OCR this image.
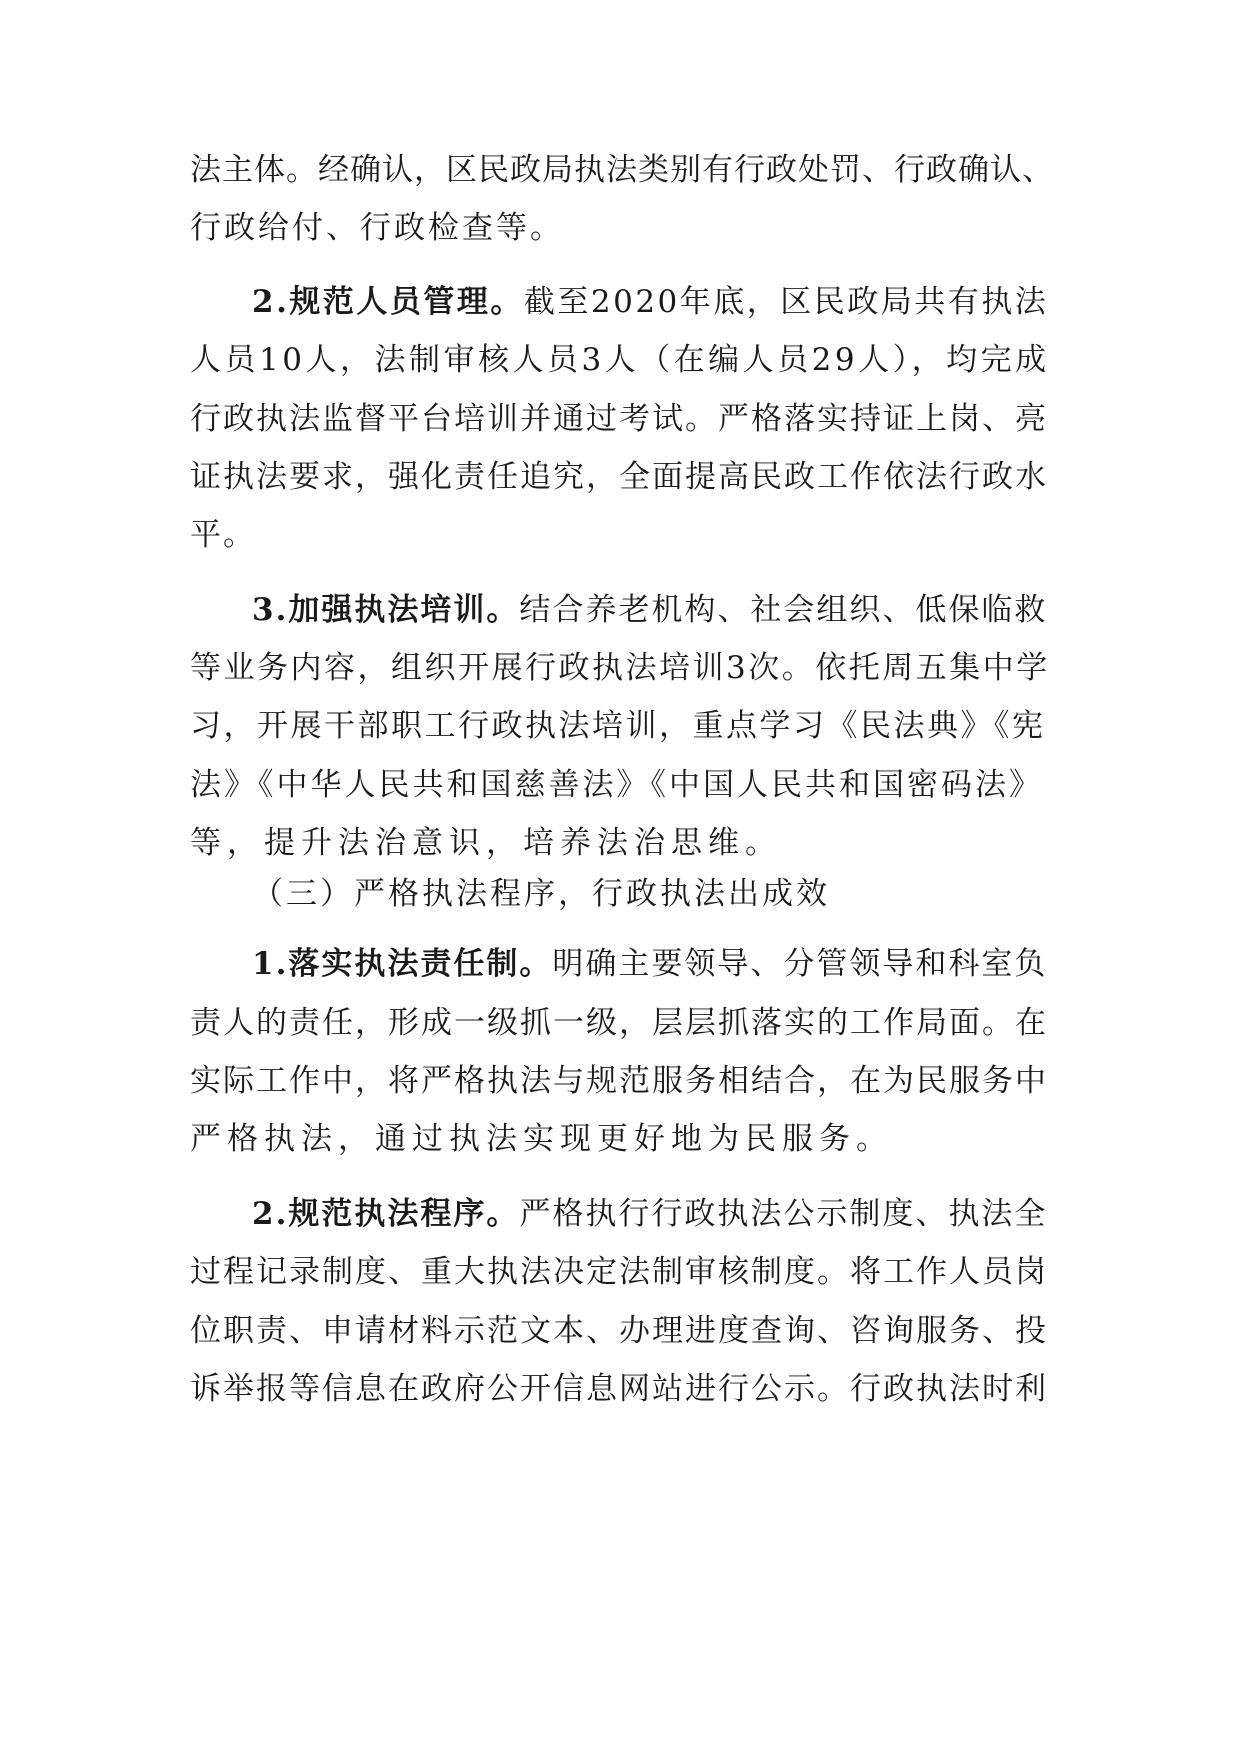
法主体。经确认，区民政局执法类别有行政处罚、行政确认、
行政给付、行政检查等。
2.规范人员管理。截至2020年底，区民政局共有执法
人员10人，法制审核人员3人（在编人员29人），均完成
行政执法监督平台培训并通过考试。严格落实持证上岗、亮
证执法要求，强化责任追究，全面提高民政工作依法行政水
平。
3.加强执法培训。结合养老机构、社会组织、低保临救
等业务内容，组织开展行政执法培训3次。依托周五集中学
习，开展干部职工行政执法培训，重点学习《民法典》《宪
法》《中华人民共和国慈善法》《中国人民共和国密码法》
等，提升法治意识，培养法治思维。
（三）严格执法程序，行政执法出成效
1.落实执法责任制。明确主要领导、分管领导和科室负
责人的责任，形成一级抓一级，层层抓落实的工作局面。在
实际工作中，将严格执法与规范服务相结合，在为民服务中
严格执法，通过执法实现更好地为民服务。
2.规范执法程序。严格执行行政执法公示制度、执法全
过程记录制度、重大执法决定法制审核制度。将工作人员岗
位职责、申请材料示范文本、办理进度查询、咨询服务、投
诉举报等信息在政府公开信息网站进行公示。行政执法时利
